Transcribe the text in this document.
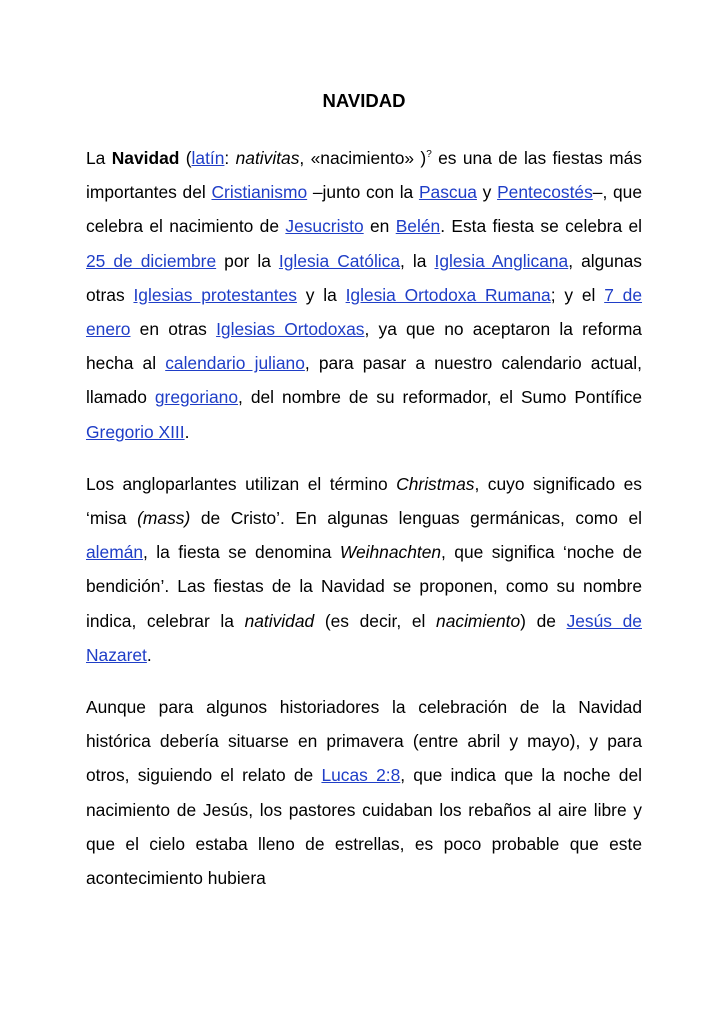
NAVIDAD

La Navidad (latín: nativitas, «nacimiento» )? es una de las fiestas más importantes del Cristianismo –junto con la Pascua y Pentecostés–, que celebra el nacimiento de Jesucristo en Belén. Esta fiesta se celebra el 25 de diciembre por la Iglesia Católica, la Iglesia Anglicana, algunas otras Iglesias protestantes y la Iglesia Ortodoxa Rumana; y el 7 de enero en otras Iglesias Ortodoxas, ya que no aceptaron la reforma hecha al calendario juliano, para pasar a nuestro calendario actual, llamado gregoriano, del nombre de su reformador, el Sumo Pontífice Gregorio XIII.

Los angloparlantes utilizan el término Christmas, cuyo significado es ‘misa (mass) de Cristo’. En algunas lenguas germánicas, como el alemán, la fiesta se denomina Weihnachten, que significa ‘noche de bendición’. Las fiestas de la Navidad se proponen, como su nombre indica, celebrar la natividad (es decir, el nacimiento) de Jesús de Nazaret.

Aunque para algunos historiadores la celebración de la Navidad histórica debería situarse en primavera (entre abril y mayo), y para otros, siguiendo el relato de Lucas 2:8, que indica que la noche del nacimiento de Jesús, los pastores cuidaban los rebaños al aire libre y que el cielo estaba lleno de estrellas, es poco probable que este acontecimiento hubiera
